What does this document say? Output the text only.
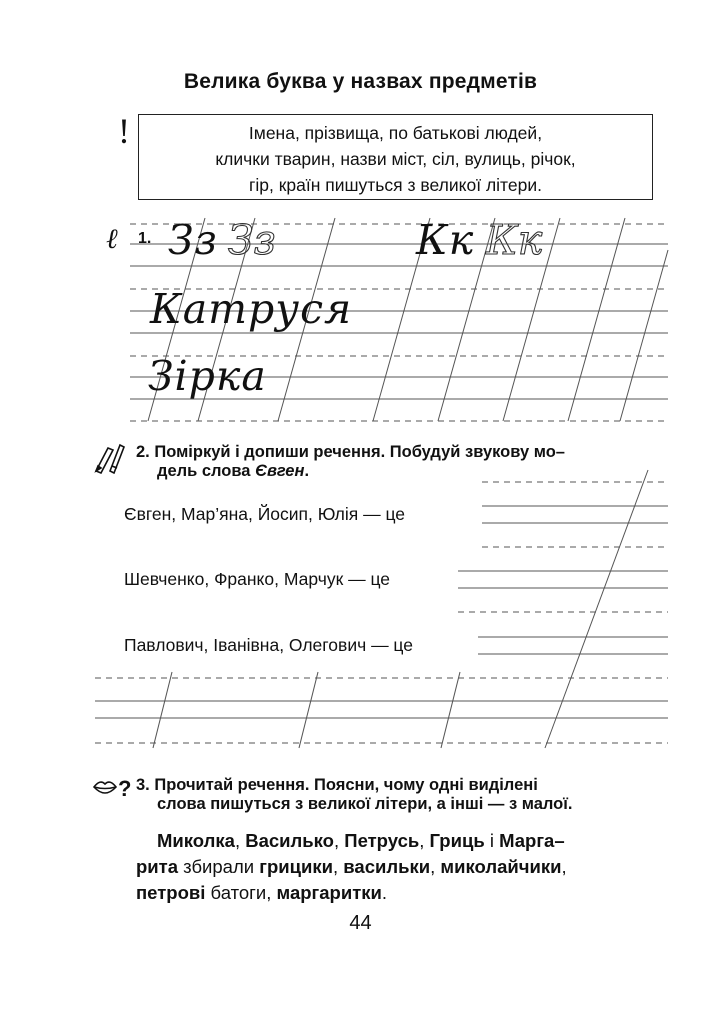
Велика буква у назвах предметів
!	Імена, прізвища, по батькові людей,
клички тварин, назви міст, сіл, вулиць, річок,
гір, країн пишуться з великої літери.
ℓ 1. Зз Зз	Кк Кк
Катруся
Зірка
2. Поміркуй і допиши речення. Побудуй звукову мо–
дель слова Євген.
Євген, Мар’яна, Йосип, Юлія — це
Шевченко, Франко, Марчук — це
Павлович, Іванівна, Олегович — це
? 3. Прочитай речення. Поясни, чому одні виділені
слова пишуться з великої літери, а інші — з малої.
Миколка, Василько, Петрусь, Гриць і Марга–
рита збирали грицики, васильки, миколайчики,
петрові батоги, маргаритки.
44
